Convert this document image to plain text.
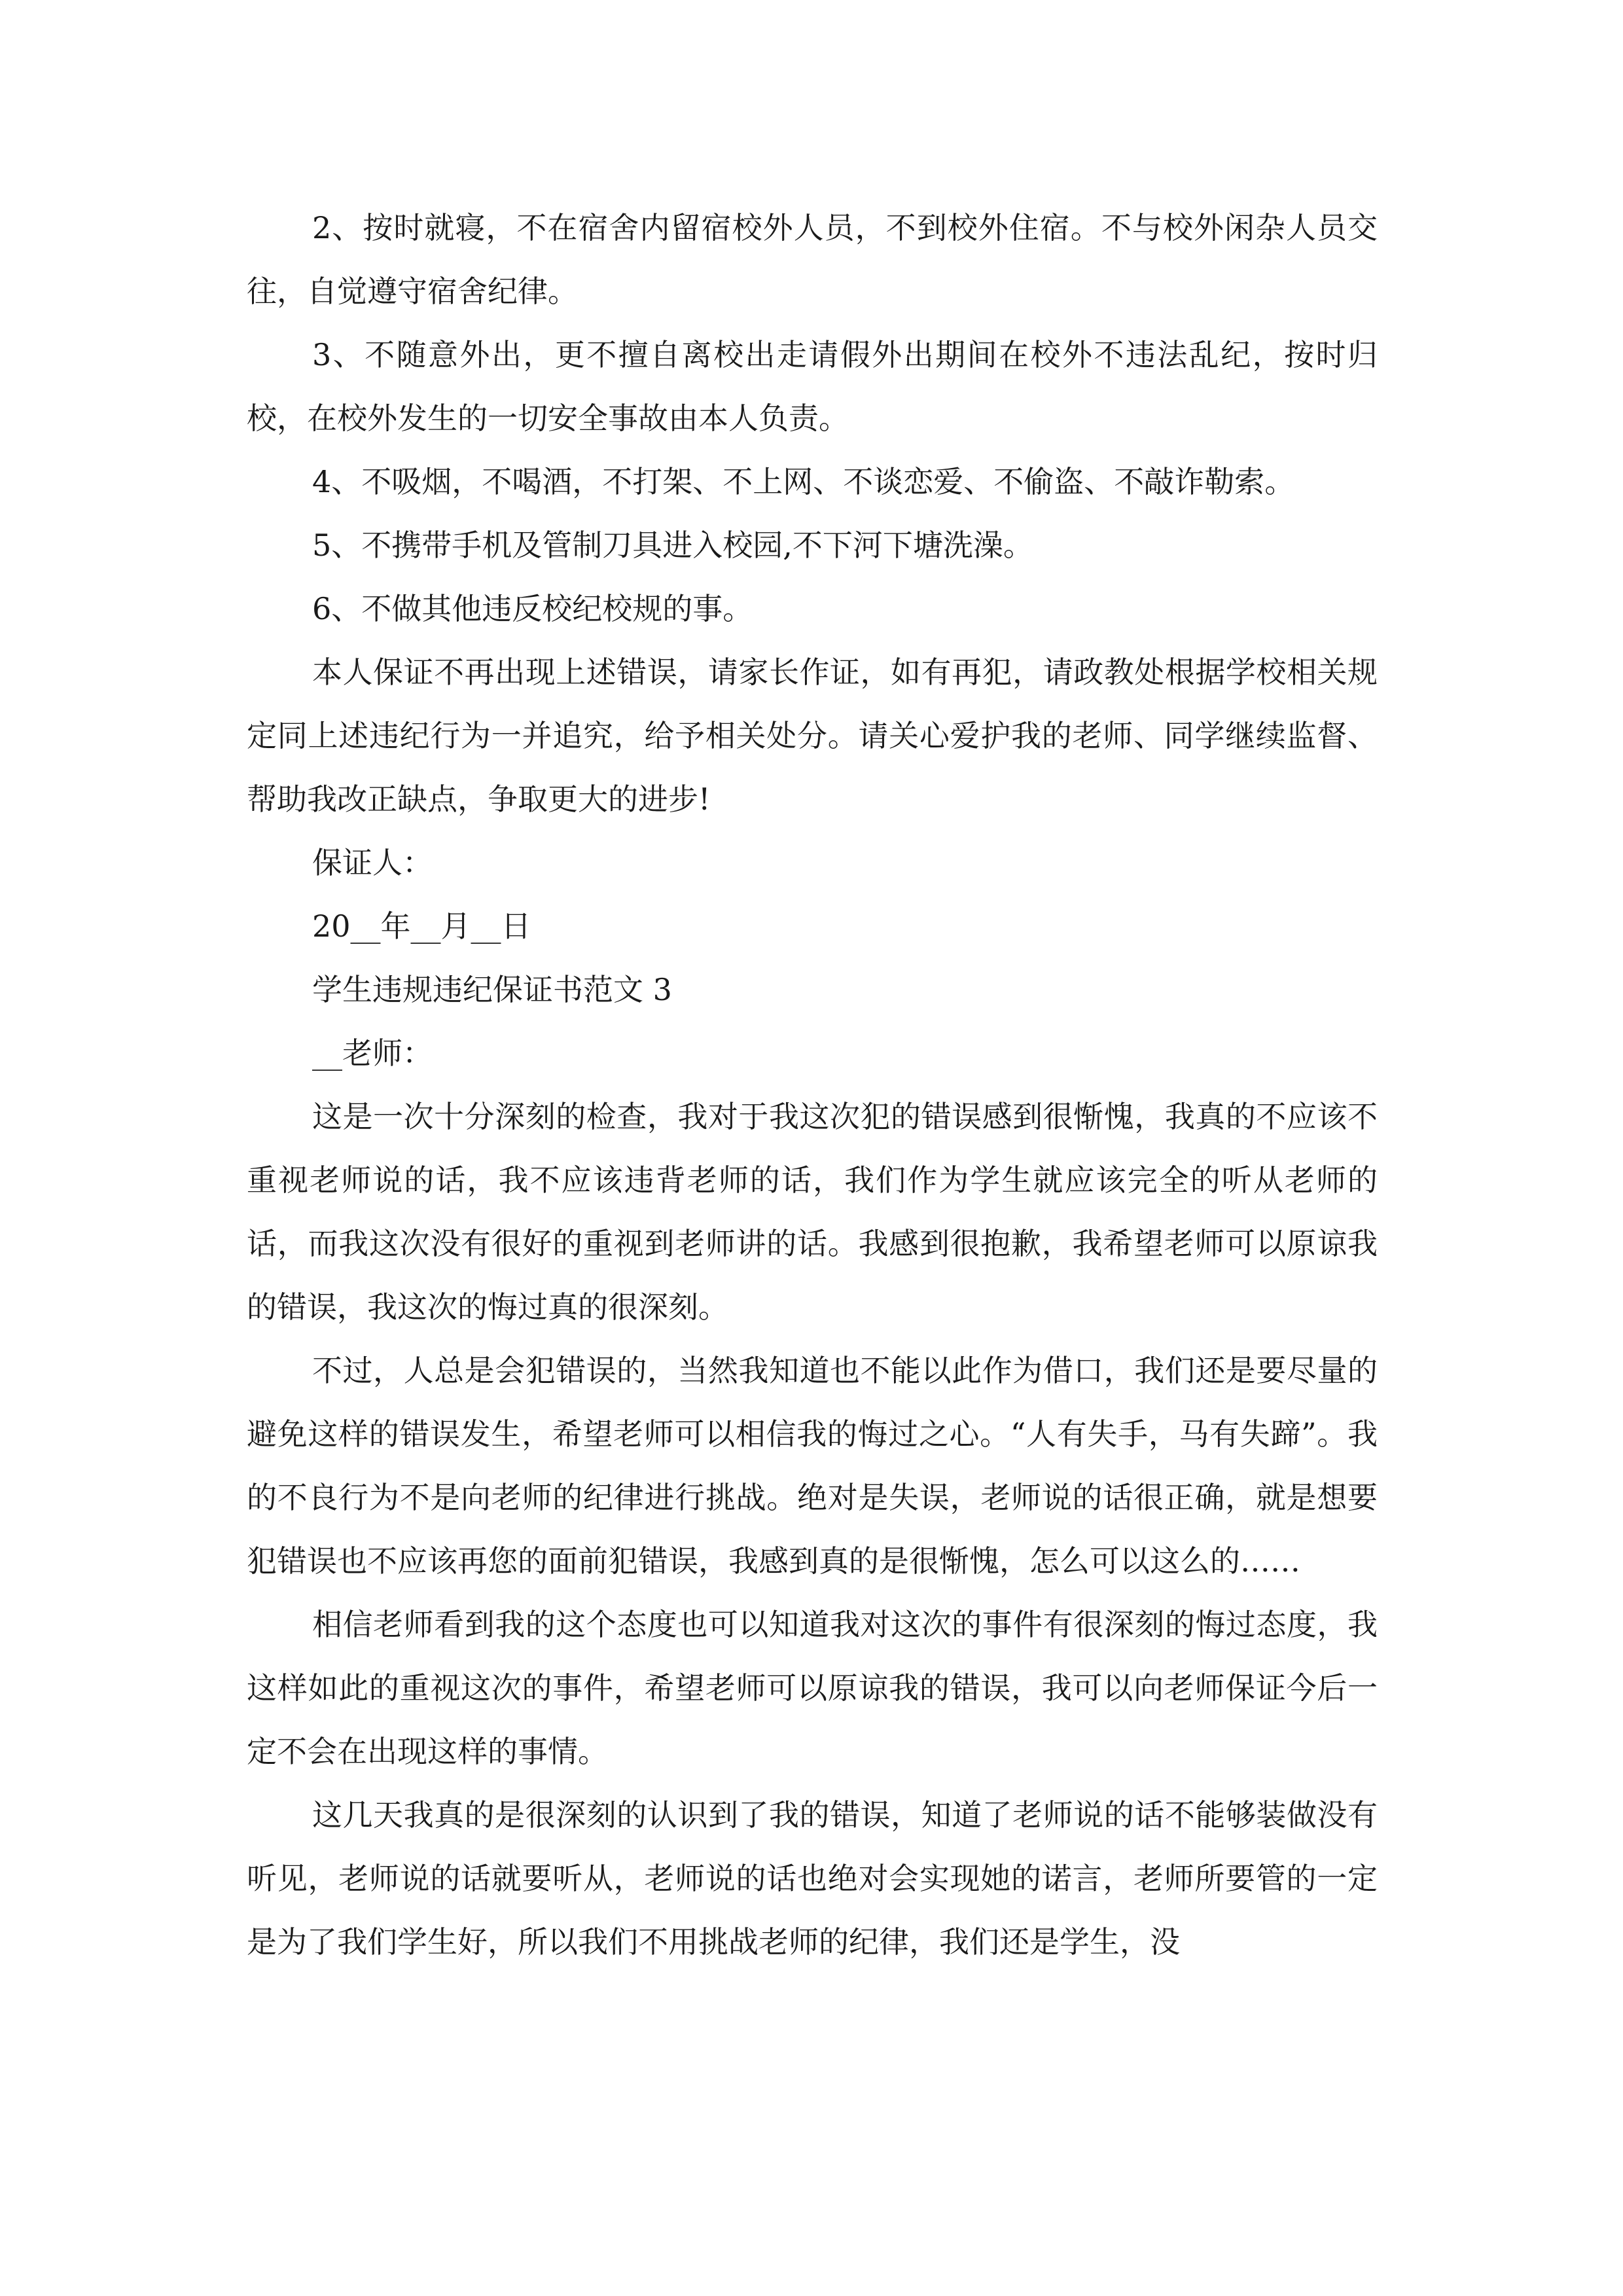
2、按时就寝，不在宿舍内留宿校外人员，不到校外住宿。不与校外闲杂人员交往，自觉遵守宿舍纪律。

3、不随意外出，更不擅自离校出走请假外出期间在校外不违法乱纪，按时归校，在校外发生的一切安全事故由本人负责。

4、不吸烟，不喝酒，不打架、不上网、不谈恋爱、不偷盗、不敲诈勒索。

5、不携带手机及管制刀具进入校园,不下河下塘洗澡。

6、不做其他违反校纪校规的事。

本人保证不再出现上述错误，请家长作证，如有再犯，请政教处根据学校相关规定同上述违纪行为一并追究，给予相关处分。请关心爱护我的老师、同学继续监督、帮助我改正缺点，争取更大的进步!

保证人：

20__年__月__日

学生违规违纪保证书范文 3

__老师：

这是一次十分深刻的检查，我对于我这次犯的错误感到很惭愧，我真的不应该不重视老师说的话，我不应该违背老师的话，我们作为学生就应该完全的听从老师的话，而我这次没有很好的重视到老师讲的话。我感到很抱歉，我希望老师可以原谅我的错误，我这次的悔过真的很深刻。

不过，人总是会犯错误的，当然我知道也不能以此作为借口，我们还是要尽量的避免这样的错误发生，希望老师可以相信我的悔过之心。“人有失手，马有失蹄”。我的不良行为不是向老师的纪律进行挑战。绝对是失误，老师说的话很正确，就是想要犯错误也不应该再您的面前犯错误，我感到真的是很惭愧，怎么可以这么的……

相信老师看到我的这个态度也可以知道我对这次的事件有很深刻的悔过态度，我这样如此的重视这次的事件，希望老师可以原谅我的错误，我可以向老师保证今后一定不会在出现这样的事情。

这几天我真的是很深刻的认识到了我的错误，知道了老师说的话不能够装做没有听见，老师说的话就要听从，老师说的话也绝对会实现她的诺言，老师所要管的一定是为了我们学生好，所以我们不用挑战老师的纪律，我们还是学生，没
